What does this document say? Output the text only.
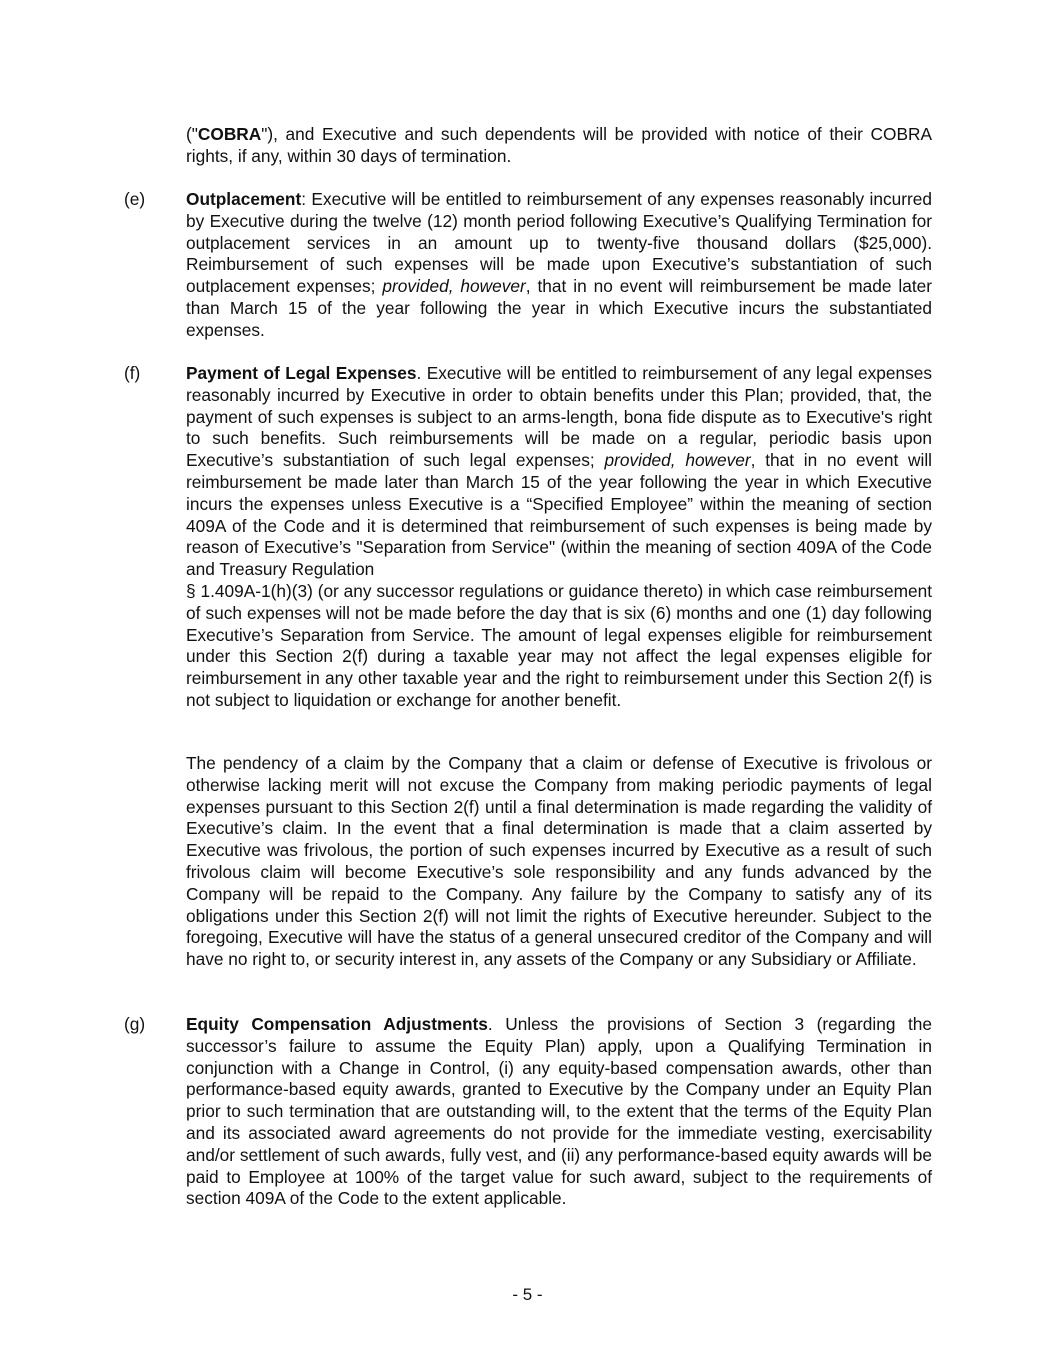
("COBRA"), and Executive and such dependents will be provided with notice of their COBRA rights, if any, within 30 days of termination.

(e) Outplacement: Executive will be entitled to reimbursement of any expenses reasonably incurred by Executive during the twelve (12) month period following Executive’s Qualifying Termination for outplacement services in an amount up to twenty-five thousand dollars ($25,000). Reimbursement of such expenses will be made upon Executive’s substantiation of such outplacement expenses; provided, however, that in no event will reimbursement be made later than March 15 of the year following the year in which Executive incurs the substantiated expenses.

(f)	Payment of Legal Expenses. Executive will be entitled to reimbursement of any legal expenses reasonably incurred by Executive in order to obtain benefits under this Plan; provided, that, the payment of such expenses is subject to an arms-length, bona fide dispute as to Executive's right to such benefits. Such reimbursements will be made on a regular, periodic basis upon Executive’s substantiation of such legal expenses; provided, however, that in no event will reimbursement be made later than March 15 of the year following the year in which Executive incurs the expenses unless Executive is a “Specified Employee” within the meaning of section 409A of the Code and it is determined that reimbursement of such expenses is being made by reason of Executive’s "Separation from Service" (within the meaning of section 409A of the Code and Treasury Regulation

§ 1.409A-1(h)(3) (or any successor regulations or guidance thereto) in which case reimbursement of such expenses will not be made before the day that is six (6) months and one (1) day following Executive’s Separation from Service. The amount of legal expenses eligible for reimbursement under this Section 2(f) during a taxable year may not affect the legal expenses eligible for reimbursement in any other taxable year and the right to reimbursement under this Section 2(f) is not subject to liquidation or exchange for another benefit.

The pendency of a claim by the Company that a claim or defense of Executive is frivolous or otherwise lacking merit will not excuse the Company from making periodic payments of legal expenses pursuant to this Section 2(f) until a final determination is made regarding the validity of Executive’s claim. In the event that a final determination is made that a claim asserted by Executive was frivolous, the portion of such expenses incurred by Executive as a result of such frivolous claim will become Executive’s sole responsibility and any funds advanced by the Company will be repaid to the Company. Any failure by the Company to satisfy any of its obligations under this Section 2(f) will not limit the rights of Executive hereunder. Subject to the foregoing, Executive will have the status of a general unsecured creditor of the Company and will have no right to, or security interest in, any assets of the Company or any Subsidiary or Affiliate.

(g) Equity Compensation Adjustments. Unless the provisions of Section 3 (regarding the successor’s failure to assume the Equity Plan) apply, upon a Qualifying Termination in conjunction with a Change in Control, (i) any equity-based compensation awards, other than performance-based equity awards, granted to Executive by the Company under an Equity Plan prior to such termination that are outstanding will, to the extent that the terms of the Equity Plan and its associated award agreements do not provide for the immediate vesting, exercisability and/or settlement of such awards, fully vest, and (ii) any performance-based equity awards will be paid to Employee at 100% of the target value for such award, subject to the requirements of section 409A of the Code to the extent applicable.

- 5 -
